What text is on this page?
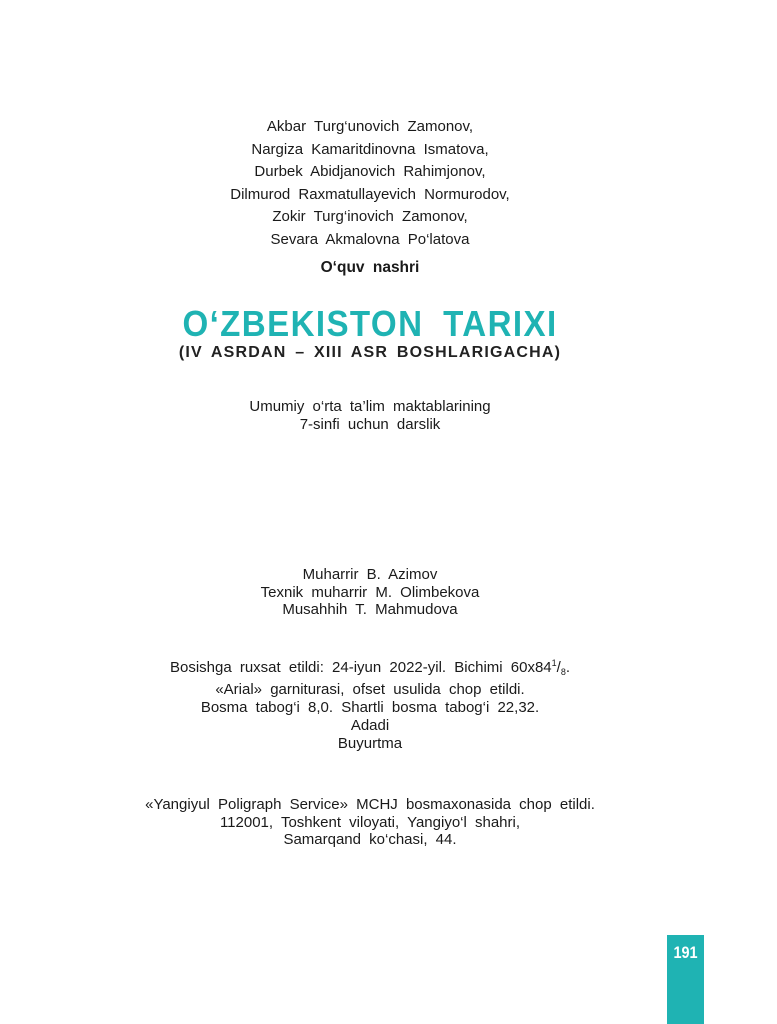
Akbar Turg‘unovich Zamonov,
Nargiza Kamaritdinovna Ismatova,
Durbek Abidjanovich Rahimjonov,
Dilmurod Raxmatullayevich Normurodov,
Zokir Turg‘inovich Zamonov,
Sevara Akmalovna Po‘latova
O‘quv nashri
O‘ZBEKISTON TARIXI
(IV ASRDAN – XIII ASR BOSHLARIGACHA)
Umumiy o‘rta ta’lim maktablarining
7-sinfi uchun darslik
Muharrir B. Azimov
Texnik muharrir M. Olimbekova
Musahhih T. Mahmudova
Bosishga ruxsat etildi: 24-iyun 2022-yil. Bichimi $60x84^1/_8$.
«Arial» garniturasi, ofset usulida chop etildi.
Bosma tabog‘i 8,0. Shartli bosma tabog‘i 22,32.
Adadi
Buyurtma
«Yangiyul Poligraph Service» MCHJ bosmaxonasida chop etildi.
112001, Toshkent viloyati, Yangiyo‘l shahri,
Samarqand ko‘chasi, 44.
191
